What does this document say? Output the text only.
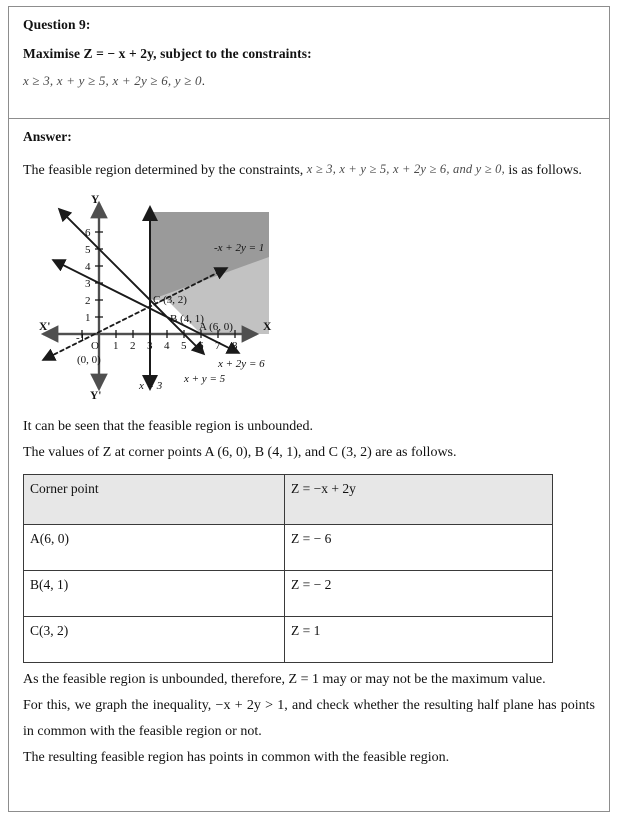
Question 9:

Maximise Z = − x + 2y, subject to the constraints:

x ≥ 3, x + y ≥ 5, x + 2y ≥ 6, y ≥ 0.

Answer:

The feasible region determined by the constraints, x ≥ 3, x + y ≥ 5, x + 2y ≥ 6, and y ≥ 0, is as follows.

X
X'
Y
Y'
O
(0, 0)
1 2 3 4 5 6 7 8
-1
1
2
3
4
5
6
C (3, 2)
B (4, 1)
A (6, 0)
x = 3
x + y = 5
x + 2y = 6
-x + 2y = 1

It can be seen that the feasible region is unbounded.

The values of Z at corner points A (6, 0), B (4, 1), and C (3, 2) are as follows.

Corner point	Z = −x + 2y
A(6, 0)	Z = − 6
B(4, 1)	Z = − 2
C(3, 2)	Z = 1

As the feasible region is unbounded, therefore, Z = 1 may or may not be the maximum value.

For this, we graph the inequality, −x + 2y > 1, and check whether the resulting half plane has points in common with the feasible region or not.

The resulting feasible region has points in common with the feasible region.
